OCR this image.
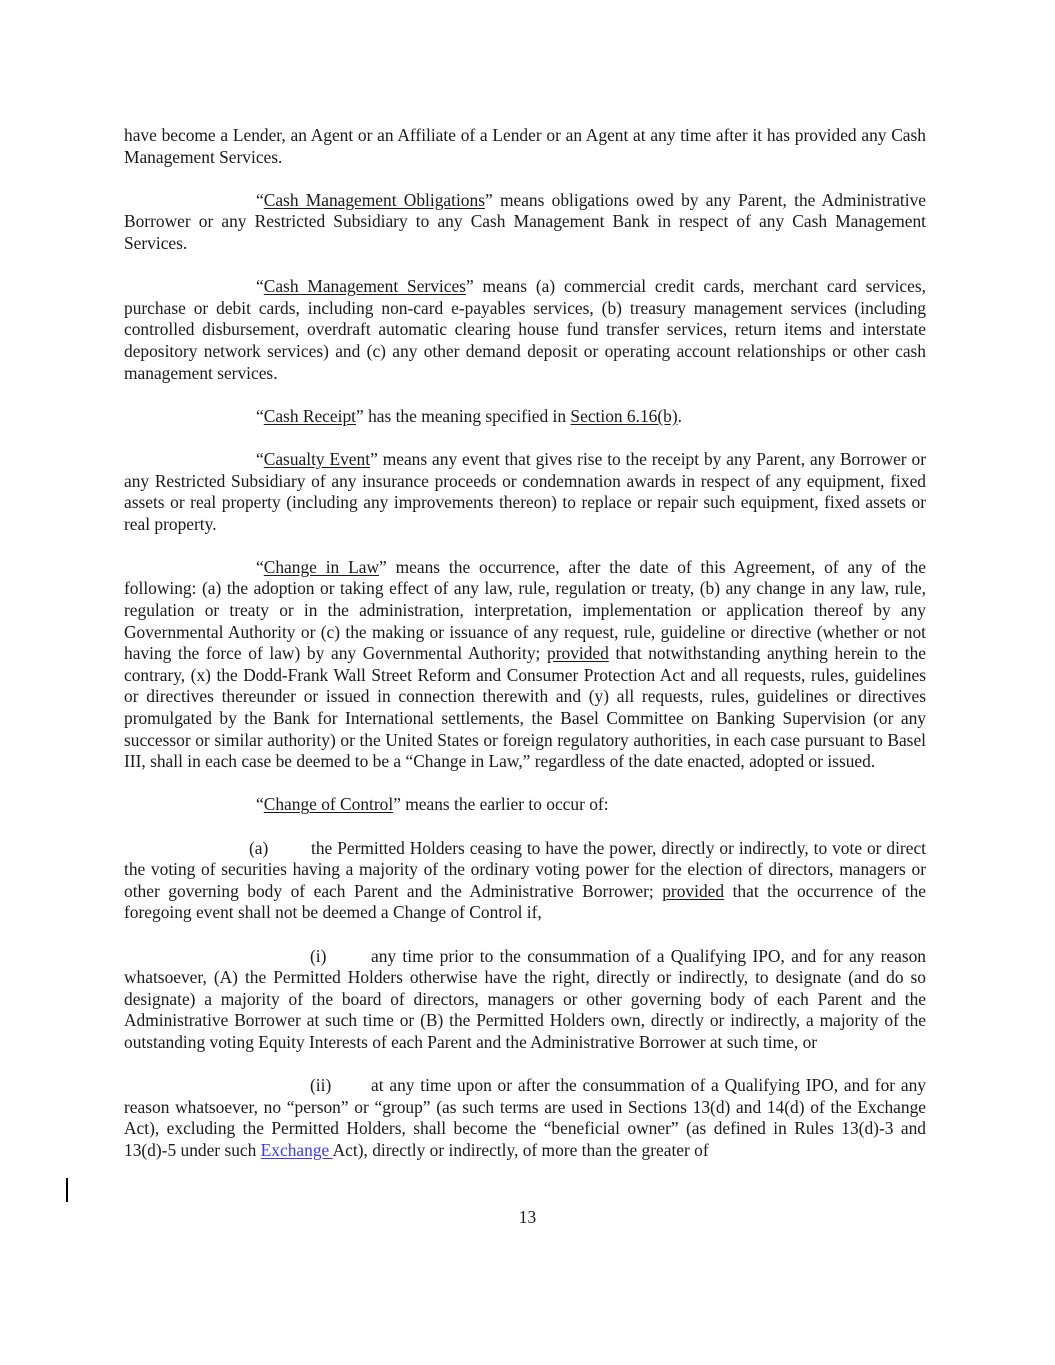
have become a Lender, an Agent or an Affiliate of a Lender or an Agent at any time after it has provided any Cash Management Services.

“Cash Management Obligations” means obligations owed by any Parent, the Administrative Borrower or any Restricted Subsidiary to any Cash Management Bank in respect of any Cash Management Services.

“Cash Management Services” means (a) commercial credit cards, merchant card services, purchase or debit cards, including non-card e-payables services, (b) treasury management services (including controlled disbursement, overdraft automatic clearing house fund transfer services, return items and interstate depository network services) and (c) any other demand deposit or operating account relationships or other cash management services.

“Cash Receipt” has the meaning specified in Section 6.16(b).

“Casualty Event” means any event that gives rise to the receipt by any Parent, any Borrower or any Restricted Subsidiary of any insurance proceeds or condemnation awards in respect of any equipment, fixed assets or real property (including any improvements thereon) to replace or repair such equipment, fixed assets or real property.

“Change in Law” means the occurrence, after the date of this Agreement, of any of the following: (a) the adoption or taking effect of any law, rule, regulation or treaty, (b) any change in any law, rule, regulation or treaty or in the administration, interpretation, implementation or application thereof by any Governmental Authority or (c) the making or issuance of any request, rule, guideline or directive (whether or not having the force of law) by any Governmental Authority; provided that notwithstanding anything herein to the contrary, (x) the Dodd-Frank Wall Street Reform and Consumer Protection Act and all requests, rules, guidelines or directives thereunder or issued in connection therewith and (y) all requests, rules, guidelines or directives promulgated by the Bank for International settlements, the Basel Committee on Banking Supervision (or any successor or similar authority) or the United States or foreign regulatory authorities, in each case pursuant to Basel III, shall in each case be deemed to be a “Change in Law,” regardless of the date enacted, adopted or issued.

“Change of Control” means the earlier to occur of:

(a) the Permitted Holders ceasing to have the power, directly or indirectly, to vote or direct the voting of securities having a majority of the ordinary voting power for the election of directors, managers or other governing body of each Parent and the Administrative Borrower; provided that the occurrence of the foregoing event shall not be deemed a Change of Control if,

(i)	any time prior to the consummation of a Qualifying IPO, and for any reason whatsoever, (A) the Permitted Holders otherwise have the right, directly or indirectly, to designate (and do so designate) a majority of the board of directors, managers or other governing body of each Parent and the Administrative Borrower at such time or (B) the Permitted Holders own, directly or indirectly, a majority of the outstanding voting Equity Interests of each Parent and the Administrative Borrower at such time, or

(ii) at any time upon or after the consummation of a Qualifying IPO, and for any reason whatsoever, no “person” or “group” (as such terms are used in Sections 13(d) and 14(d) of the Exchange Act), excluding the Permitted Holders, shall become the “beneficial owner” (as defined in Rules 13(d)-3 and 13(d)-5 under such Exchange Act), directly or indirectly, of more than the greater of

13
